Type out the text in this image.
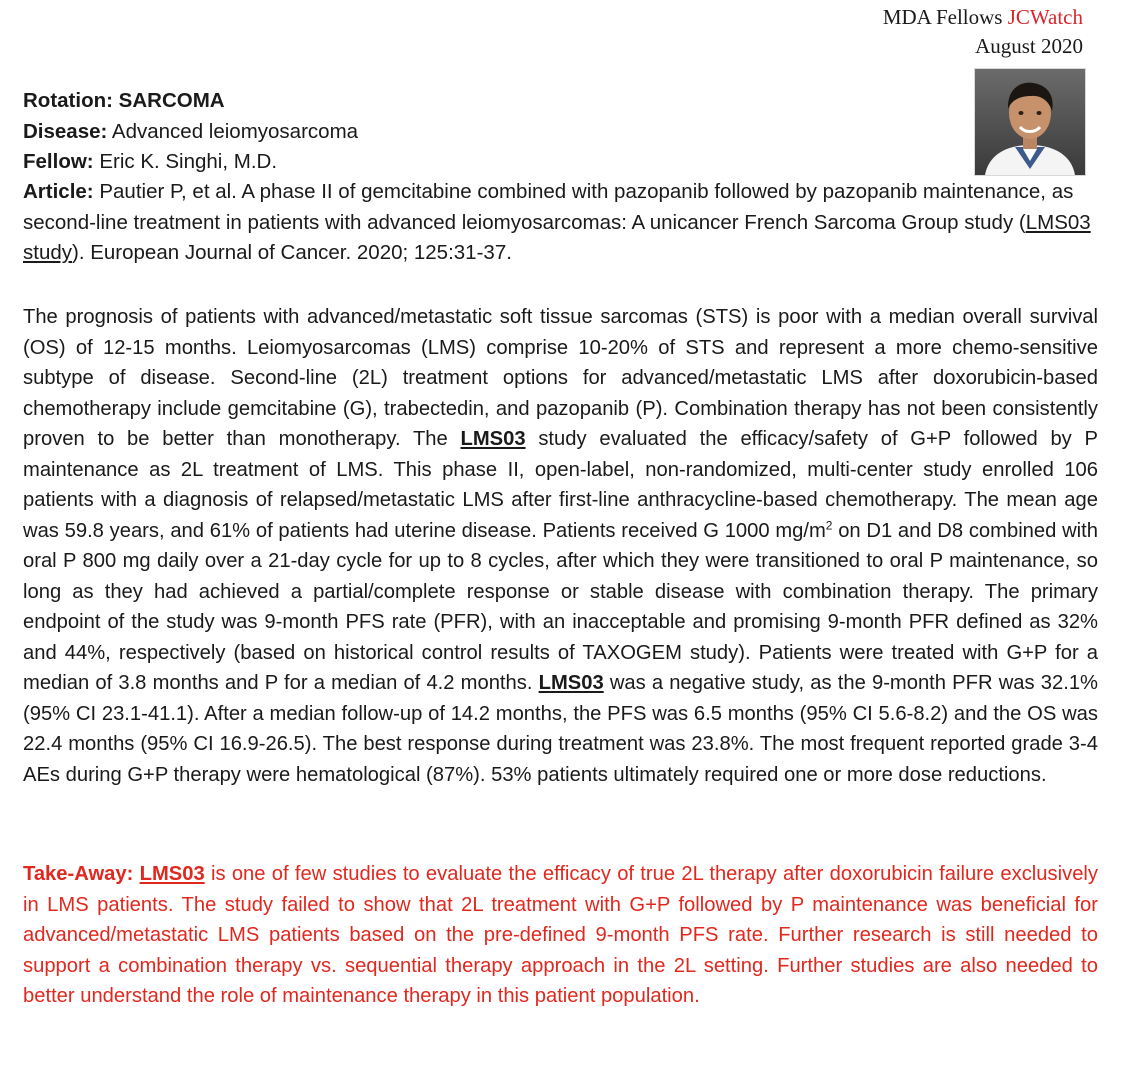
MDA Fellows JCWatch
August 2020
Rotation: SARCOMA
Disease: Advanced leiomyosarcoma
Fellow: Eric K. Singhi, M.D.
Article: Pautier P, et al. A phase II of gemcitabine combined with pazopanib followed by pazopanib maintenance, as second-line treatment in patients with advanced leiomyosarcomas: A unicancer French Sarcoma Group study (LMS03 study). European Journal of Cancer. 2020; 125:31-37.
The prognosis of patients with advanced/metastatic soft tissue sarcomas (STS) is poor with a median overall survival (OS) of 12-15 months. Leiomyosarcomas (LMS) comprise 10-20% of STS and represent a more chemo-sensitive subtype of disease. Second-line (2L) treatment options for advanced/metastatic LMS after doxorubicin-based chemotherapy include gemcitabine (G), trabectedin, and pazopanib (P). Combination therapy has not been consistently proven to be better than monotherapy. The LMS03 study evaluated the efficacy/safety of G+P followed by P maintenance as 2L treatment of LMS. This phase II, open-label, non-randomized, multi-center study enrolled 106 patients with a diagnosis of relapsed/metastatic LMS after first-line anthracycline-based chemotherapy. The mean age was 59.8 years, and 61% of patients had uterine disease. Patients received G 1000 $mg/m^2$ on D1 and D8 combined with oral P 800 mg daily over a 21-day cycle for up to 8 cycles, after which they were transitioned to oral P maintenance, so long as they had achieved a partial/complete response or stable disease with combination therapy. The primary endpoint of the study was 9-month PFS rate (PFR), with an inacceptable and promising 9-month PFR defined as 32% and 44%, respectively (based on historical control results of TAXOGEM study). Patients were treated with G+P for a median of 3.8 months and P for a median of 4.2 months. LMS03 was a negative study, as the 9-month PFR was 32.1% (95% CI 23.1-41.1). After a median follow-up of 14.2 months, the PFS was 6.5 months (95% CI 5.6-8.2) and the OS was 22.4 months (95% CI 16.9-26.5). The best response during treatment was 23.8%. The most frequent reported grade 3-4 AEs during G+P therapy were hematological (87%). 53% patients ultimately required one or more dose reductions.
Take-Away: LMS03 is one of few studies to evaluate the efficacy of true 2L therapy after doxorubicin failure exclusively in LMS patients. The study failed to show that 2L treatment with G+P followed by P maintenance was beneficial for advanced/metastatic LMS patients based on the pre-defined 9-month PFS rate. Further research is still needed to support a combination therapy vs. sequential therapy approach in the 2L setting. Further studies are also needed to better understand the role of maintenance therapy in this patient population.
